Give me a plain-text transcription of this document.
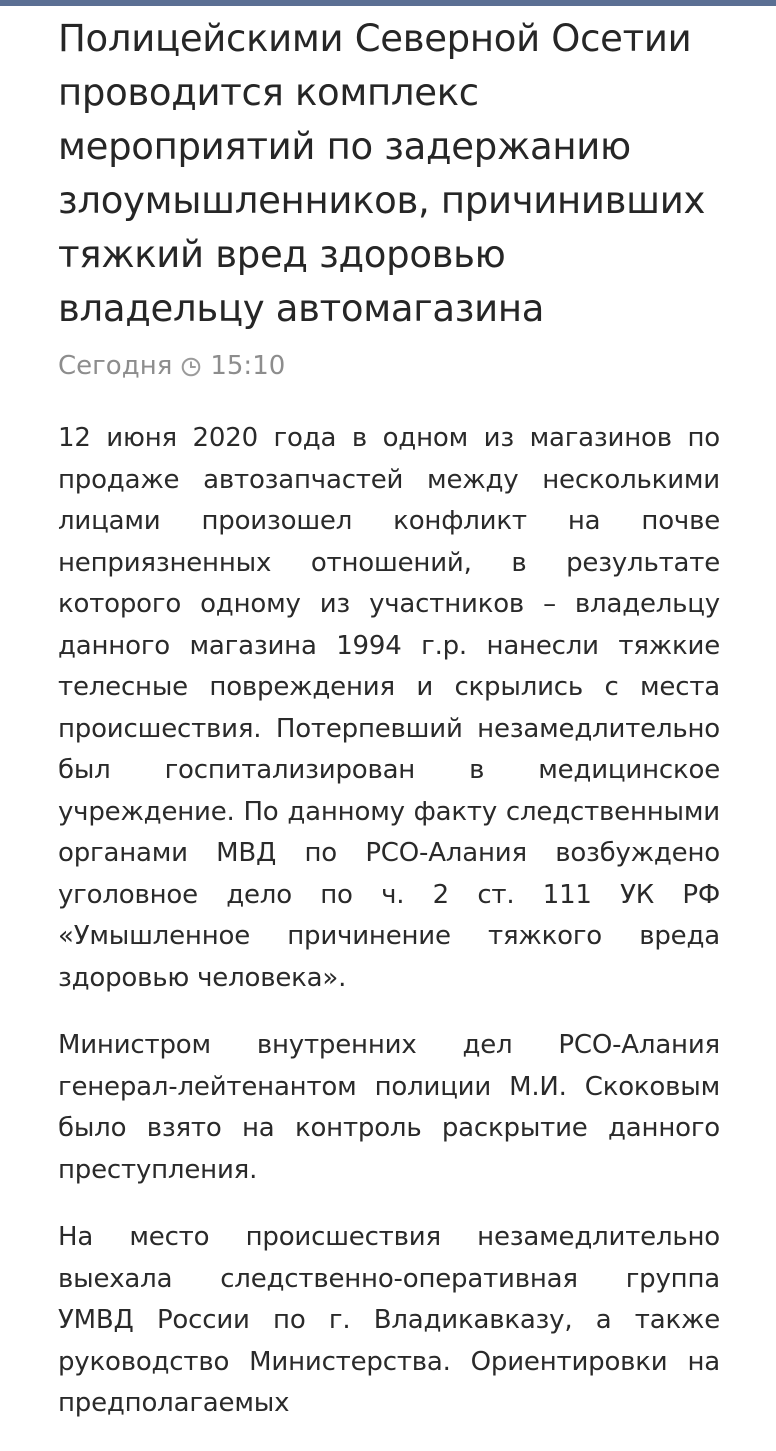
Полицейскими Северной Осетии проводится комплекс мероприятий по задержанию злоумышленников, причинивших тяжкий вред здоровью владельцу автомагазина
Сегодня 15:10

12 июня 2020 года в одном из магазинов по продаже автозапчастей между несколькими лицами произошел конфликт на почве неприязненных отношений, в результате которого одному из участников – владельцу данного магазина 1994 г.р. нанесли тяжкие телесные повреждения и скрылись с места происшествия. Потерпевший незамедлительно был госпитализирован в медицинское учреждение. По данному факту следственными органами МВД по РСО-Алания возбуждено уголовное дело по ч. 2 ст. 111 УК РФ «Умышленное причинение тяжкого вреда здоровью человека».

Министром внутренних дел РСО-Алания генерал-лейтенантом полиции М.И. Скоковым было взято на контроль раскрытие данного преступления.

На место происшествия незамедлительно выехала следственно-оперативная группа УМВД России по г. Владикавказу, а также руководство Министерства. Ориентировки на предполагаемых
